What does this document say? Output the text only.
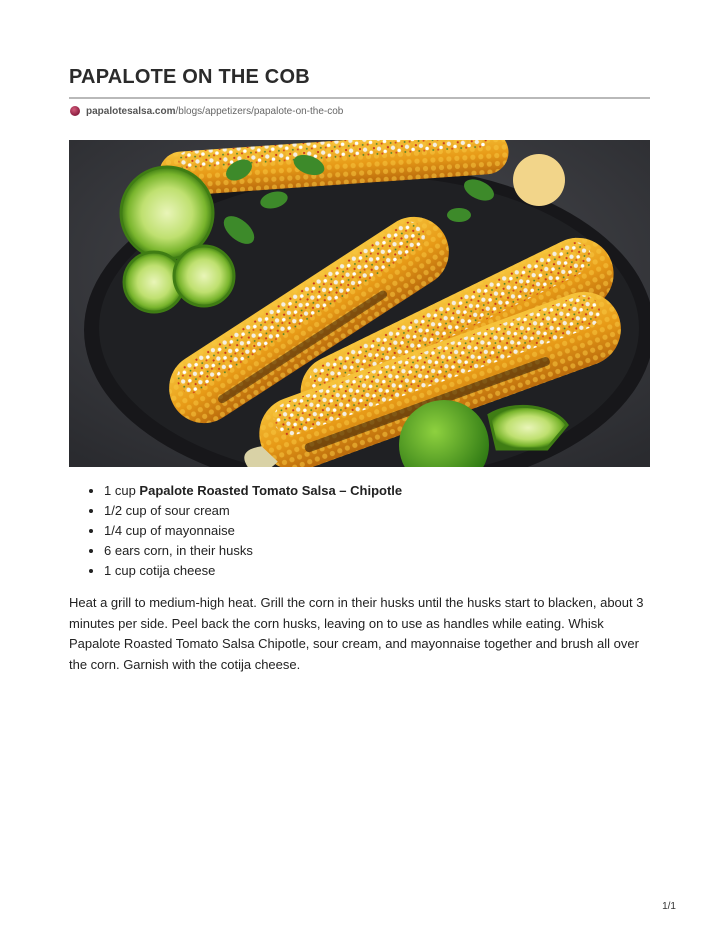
PAPALOTE ON THE COB
papalotesalsa.com /blogs/appetizers/papalote-on-the-cob
• 1 cup Papalote Roasted Tomato Salsa – Chipotle
• 1/2 cup of sour cream
• 1/4 cup of mayonnaise
• 6 ears corn, in their husks
• 1 cup cotija cheese

Heat a grill to medium-high heat. Grill the corn in their husks until the husks start to blacken, about 3 minutes per side. Peel back the corn husks, leaving on to use as handles while eating. Whisk Papalote Roasted Tomato Salsa Chipotle, sour cream, and mayonnaise together and brush all over the corn. Garnish with the cotija cheese.

1/1
